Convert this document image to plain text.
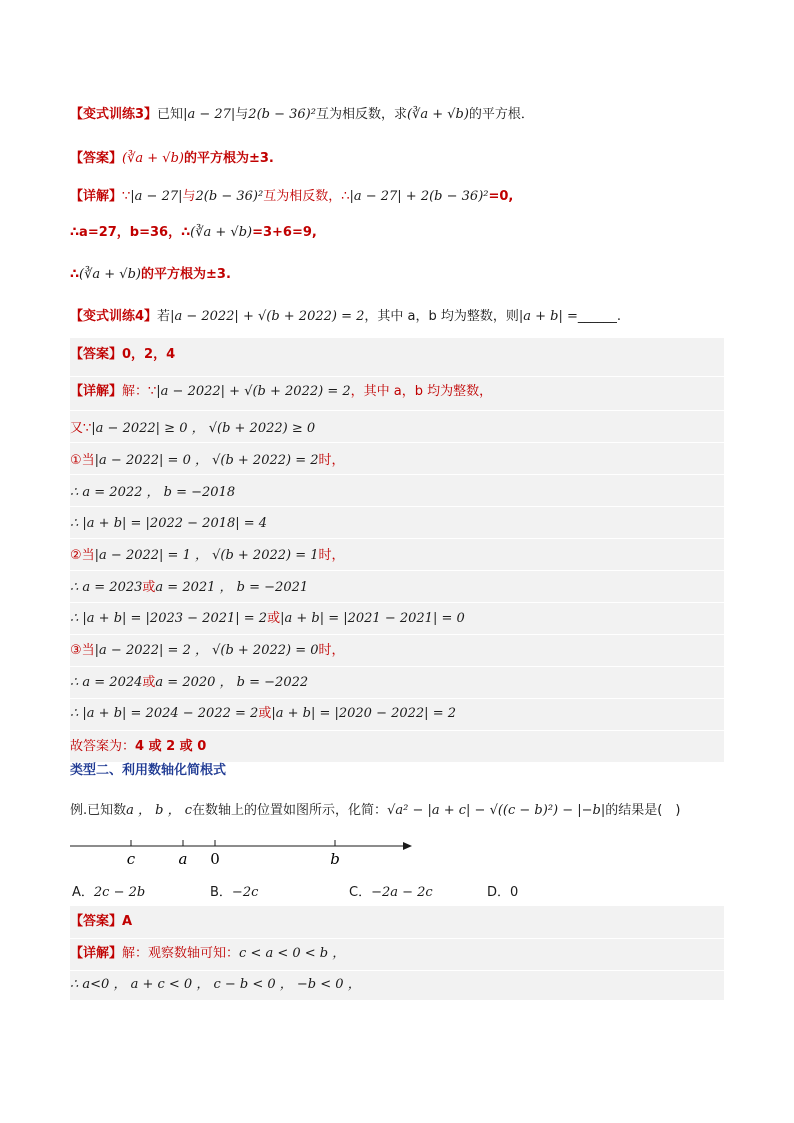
【变式训练3】已知|a − 27|与2(b − 36)²互为相反数，求(∛a + √b)的平方根．
【答案】(∛a + √b)的平方根为±3.
【详解】∵|a − 27|与2(b − 36)²互为相反数，∴|a − 27| + 2(b − 36)²=0,
∴a=27，b=36，∴(∛a + √b)=3+6=9,
∴(∛a + √b)的平方根为±3.
【变式训练4】若|a − 2022| + √(b + 2022) = 2，其中 a，b 均为整数，则|a + b| =______.
【答案】0，2，4
【详解】解：∵|a − 2022| + √(b + 2022) = 2，其中 a，b 均为整数，
又∵|a − 2022| ≥ 0 ， √(b + 2022) ≥ 0
①当|a − 2022| = 0 ， √(b + 2022) = 2时，
∴ a = 2022 ， b = −2018
∴ |a + b| = |2022 − 2018| = 4
②当|a − 2022| = 1 ， √(b + 2022) = 1时，
∴ a = 2023或a = 2021 ， b = −2021
∴ |a + b| = |2023 − 2021| = 2或|a + b| = |2021 − 2021| = 0
③当|a − 2022| = 2 ， √(b + 2022) = 0时，
∴ a = 2024或a = 2020 ， b = −2022
∴ |a + b| = 2024 − 2022 = 2或|a + b| = |2020 − 2022| = 2
故答案为：4 或 2 或 0
类型二、利用数轴化简根式
例.已知数a ， b ， c在数轴上的位置如图所示，化简：√a² − |a + c| − √((c − b)²) − |−b|的结果是(　)
c	a 0	b
A．2c − 2b	B．−2c	C．−2a − 2c	D．0
【答案】A
【详解】解：观察数轴可知：c < a < 0 < b ，
∴ a<0 ， a + c < 0 ， c − b < 0 ， −b < 0 ，
